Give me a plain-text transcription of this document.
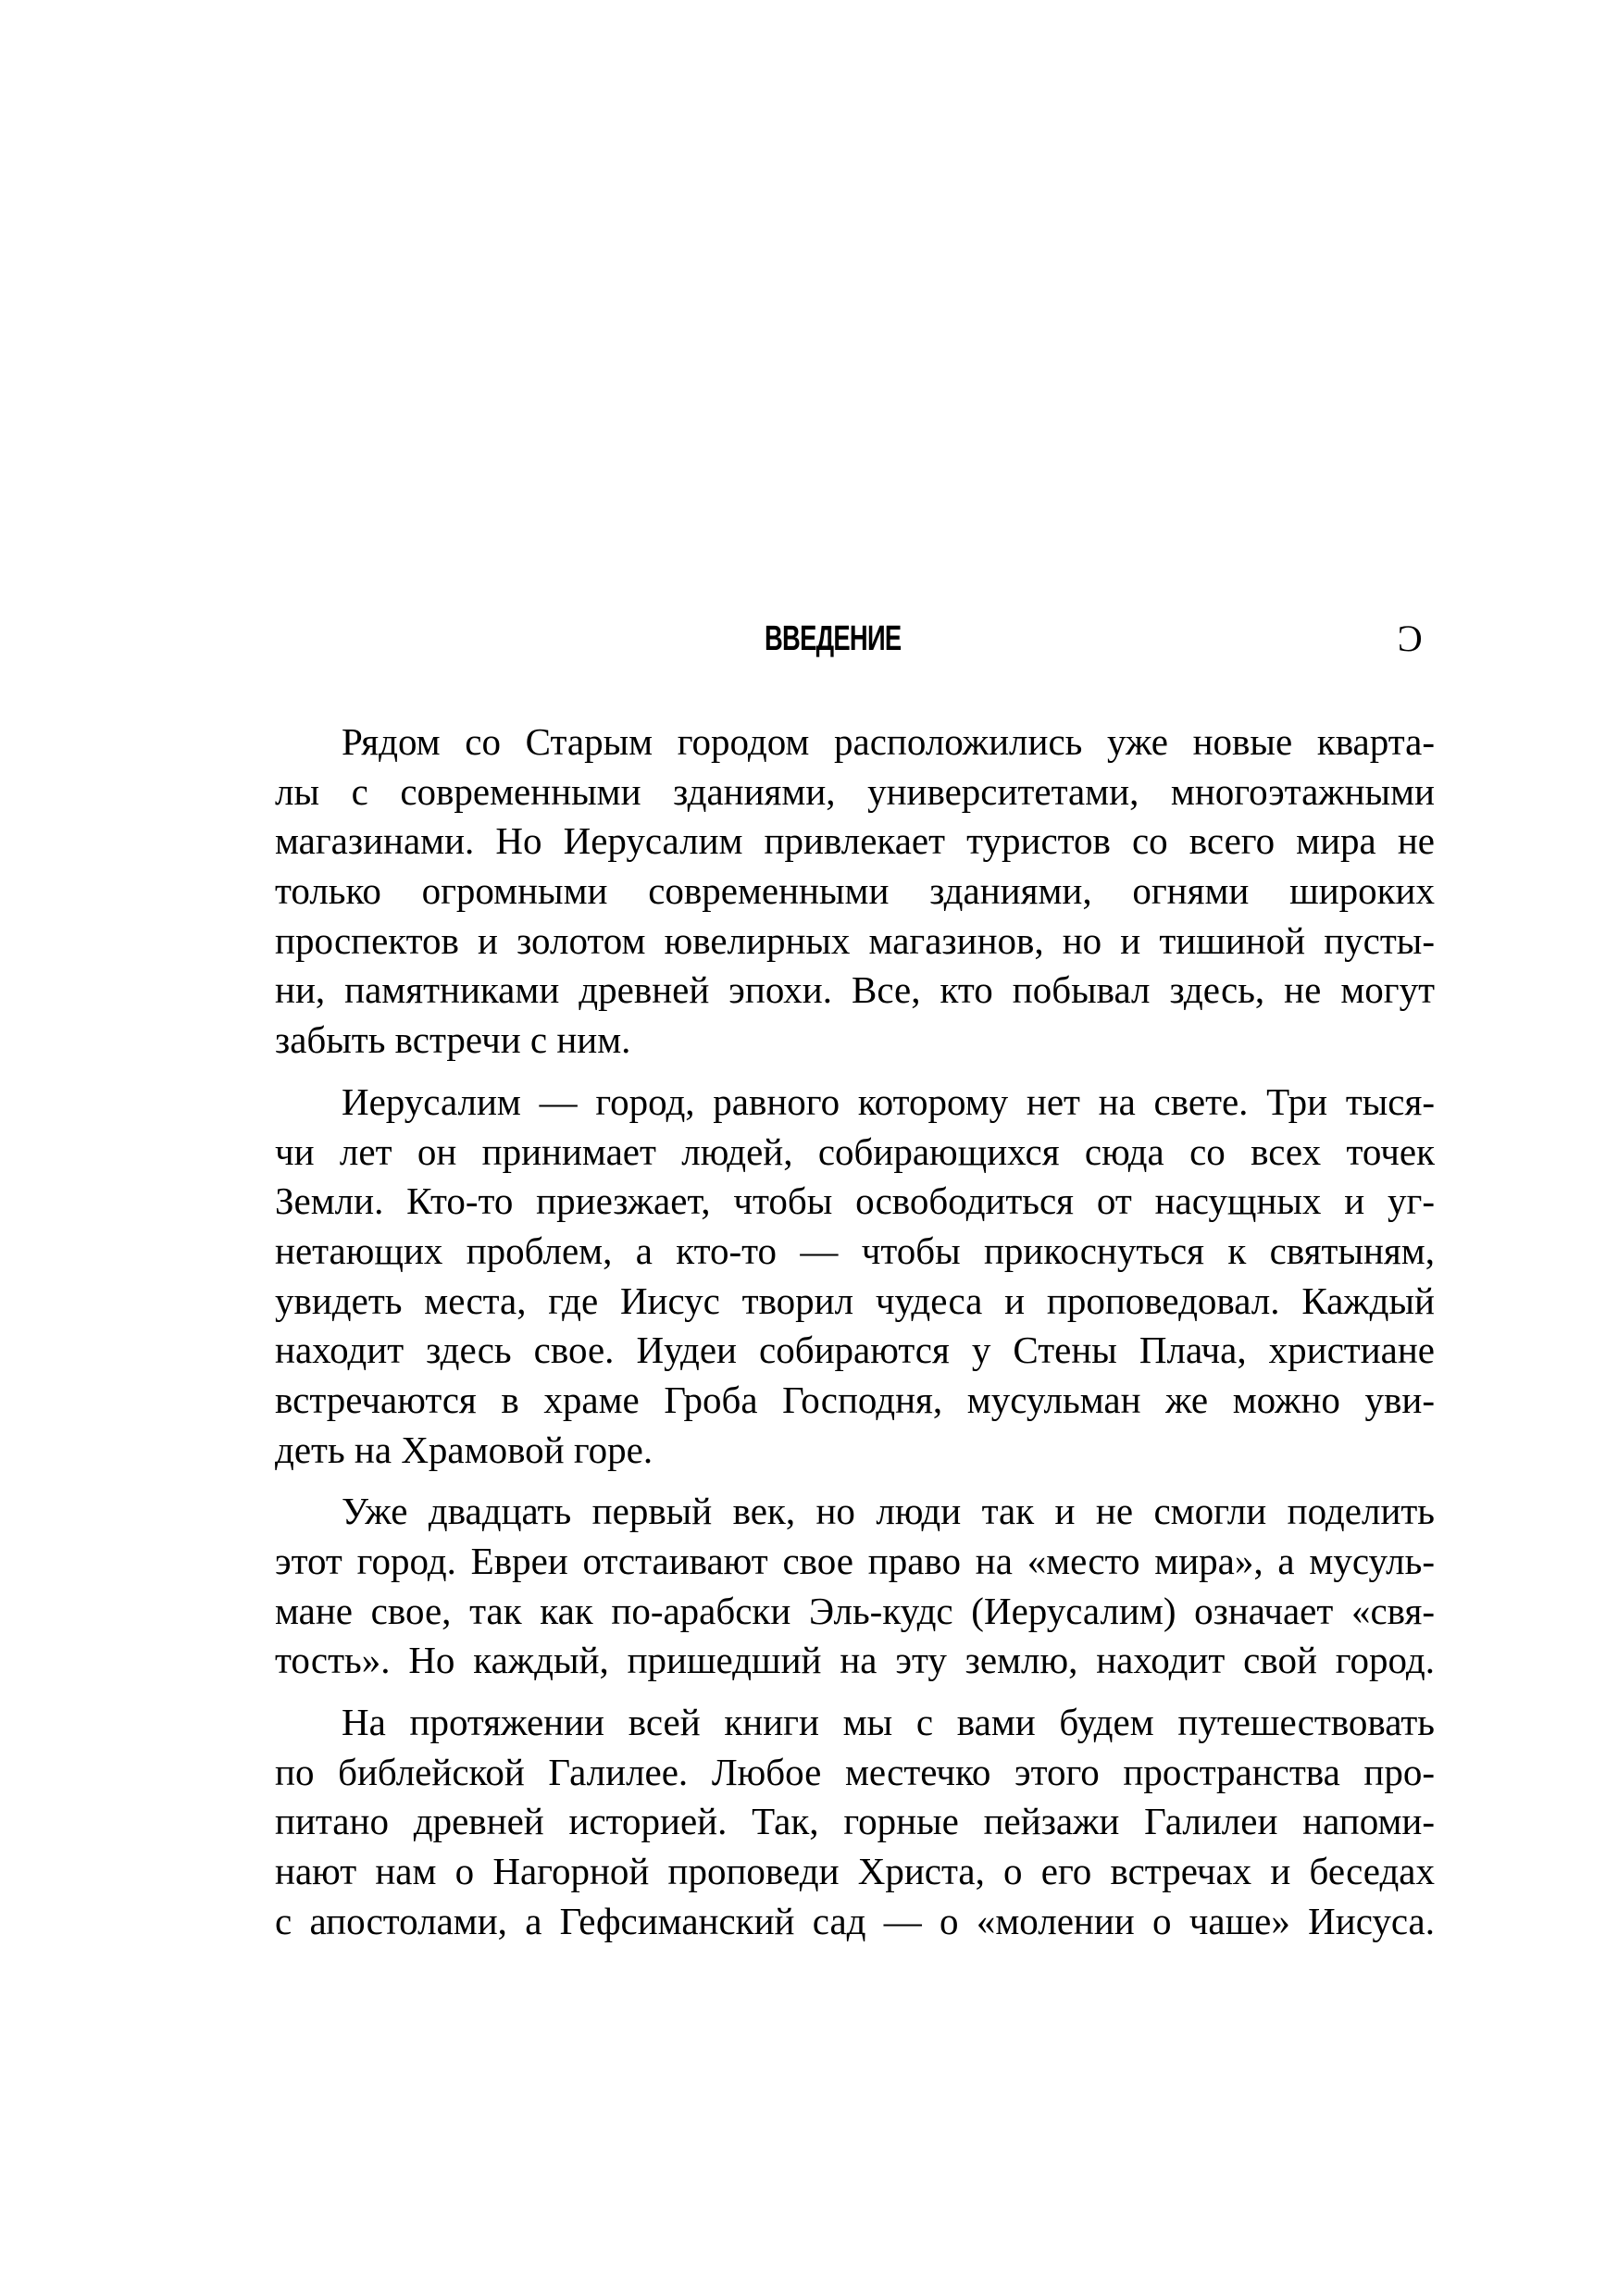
ВВЕДЕНИЕ	Ͻ

Рядом со Старым городом расположились уже новые кварта-
лы с современными зданиями, университетами, многоэтажными
магазинами. Но Иерусалим привлекает туристов со всего мира не
только огромными современными зданиями, огнями широких
проспектов и золотом ювелирных магазинов, но и тишиной пусты-
ни, памятниками древней эпохи. Все, кто побывал здесь, не могут
забыть встречи с ним.

Иерусалим — город, равного которому нет на свете. Три тыся-
чи лет он принимает людей, собирающихся сюда со всех точек
Земли. Кто-то приезжает, чтобы освободиться от насущных и уг-
нетающих проблем, а кто-то — чтобы прикоснуться к святыням,
увидеть места, где Иисус творил чудеса и проповедовал. Каждый
находит здесь свое. Иудеи собираются у Стены Плача, христиане
встречаются в храме Гроба Господня, мусульман же можно уви-
деть на Храмовой горе.

Уже двадцать первый век, но люди так и не смогли поделить
этот город. Евреи отстаивают свое право на «место мира», а мусуль-
мане свое, так как по-арабски Эль-кудс (Иерусалим) означает «свя-
тость». Но каждый, пришедший на эту землю, находит свой город.

На протяжении всей книги мы с вами будем путешествовать
по библейской Галилее. Любое местечко этого пространства про-
питано древней историей. Так, горные пейзажи Галилеи напоми-
нают нам о Нагорной проповеди Христа, о его встречах и беседах
с апостолами, а Гефсиманский сад — о «молении о чаше» Иисуса.
